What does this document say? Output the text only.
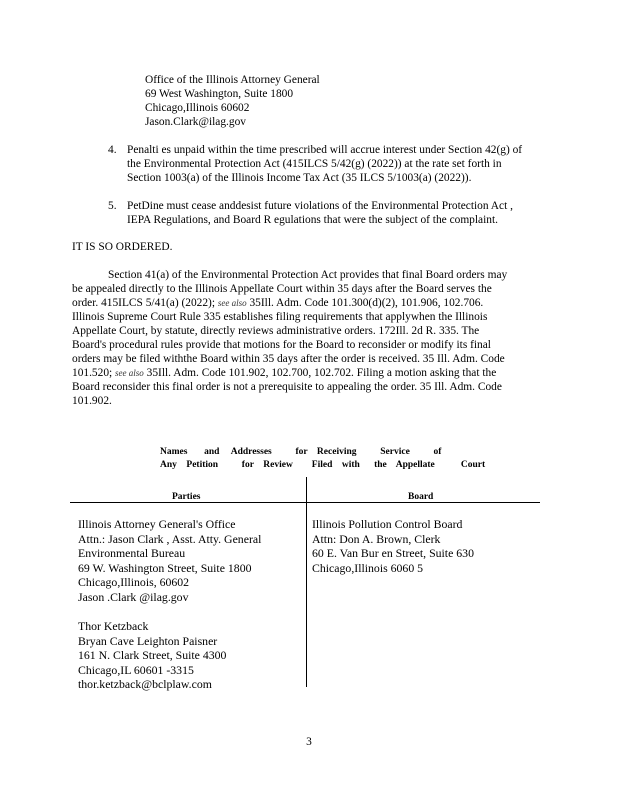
Office of the Illinois Attorney General
69 West Washington, Suite 1800
Chicago,Illinois 60602
Jason.Clark@ilag.gov
4. Penalti es unpaid within the time prescribed will accrue interest under Section 42(g) of
the Environmental Protection Act (415ILCS 5/42(g) (2022)) at the rate set forth in
Section 1003(a) of the Illinois Income Tax Act (35 ILCS 5/1003(a) (2022)).
5. PetDine must cease anddesist future violations of the Environmental Protection Act ,
IEPA Regulations, and Board R egulations that were the subject of the complaint.
IT IS SO ORDERED.
Section 41(a) of the Environmental Protection Act provides that final Board orders may
be appealed directly to the Illinois Appellate Court within 35 days after the Board serves the
order. 415ILCS 5/41(a) (2022); see also 35Ill. Adm. Code 101.300(d)(2), 101.906, 102.706.
Illinois Supreme Court Rule 335 establishes filing requirements that applywhen the Illinois
Appellate Court, by statute, directly reviews administrative orders. 172Ill. 2d R. 335. The
Board's procedural rules provide that motions for the Board to reconsider or modify its final
orders may be filed withthe Board within 35 days after the order is received. 35 Ill. Adm. Code
101.520; see also 35Ill. Adm. Code 101.902, 102.700, 102.702. Filing a motion asking that the
Board reconsider this final order is not a prerequisite to appealing the order. 35 Ill. Adm. Code
101.902.
Names       and     Addresses          for    Receiving          Service          of
Any    Petition          for    Review        Filed    with      the    Appellate           Court
Parties	Board
Illinois Attorney General's Office
Attn.: Jason Clark , Asst. Atty. General
Environmental Bureau
69 W. Washington Street, Suite 1800
Chicago,Illinois, 60602
Jason .Clark @ilag.gov
Thor Ketzback
Bryan Cave Leighton Paisner
161 N. Clark Street, Suite 4300
Chicago,IL 60601 -3315
thor.ketzback@bclplaw.com
Illinois Pollution Control Board
Attn: Don A. Brown, Clerk
60 E. Van Bur en Street, Suite 630
Chicago,Illinois 6060 5
3
